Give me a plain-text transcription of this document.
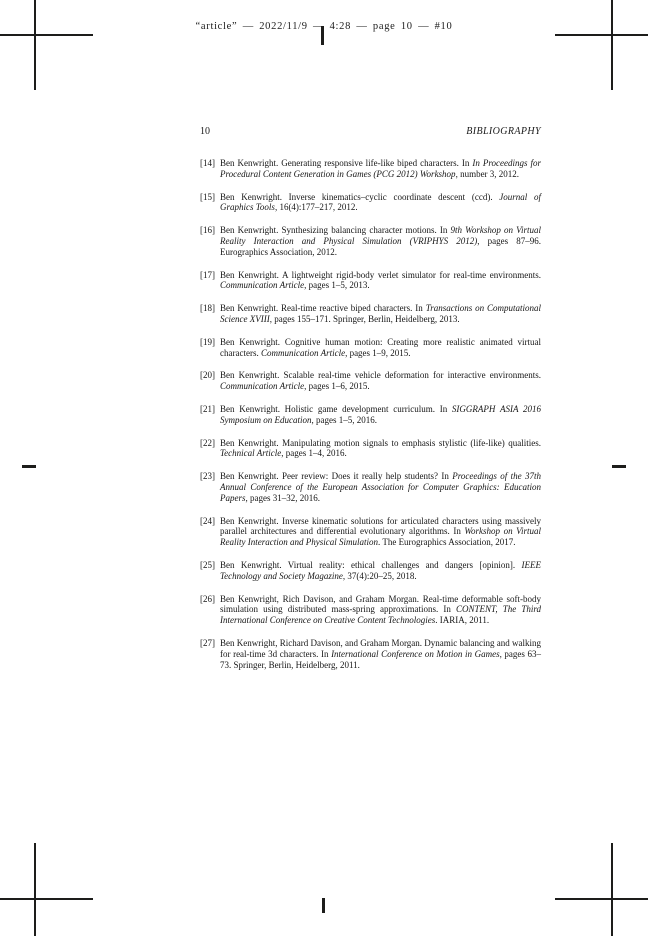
“article” — 2022/11/9 — 4:28 — page 10 — #10
10	BIBLIOGRAPHY
[14] Ben Kenwright. Generating responsive life-like biped characters. In In Proceedings for Procedural Content Generation in Games (PCG 2012) Workshop, number 3, 2012.
[15] Ben Kenwright. Inverse kinematics–cyclic coordinate descent (ccd). Journal of Graphics Tools, 16(4):177–217, 2012.
[16] Ben Kenwright. Synthesizing balancing character motions. In 9th Workshop on Virtual Reality Interaction and Physical Simulation (VRIPHYS 2012), pages 87–96. Eurographics Association, 2012.
[17] Ben Kenwright. A lightweight rigid-body verlet simulator for real-time environments. Communication Article, pages 1–5, 2013.
[18] Ben Kenwright. Real-time reactive biped characters. In Transactions on Computational Science XVIII, pages 155–171. Springer, Berlin, Heidelberg, 2013.
[19] Ben Kenwright. Cognitive human motion: Creating more realistic animated virtual characters. Communication Article, pages 1–9, 2015.
[20] Ben Kenwright. Scalable real-time vehicle deformation for interactive environments. Communication Article, pages 1–6, 2015.
[21] Ben Kenwright. Holistic game development curriculum. In SIGGRAPH ASIA 2016 Symposium on Education, pages 1–5, 2016.
[22] Ben Kenwright. Manipulating motion signals to emphasis stylistic (life-like) qualities. Technical Article, pages 1–4, 2016.
[23] Ben Kenwright. Peer review: Does it really help students? In Proceedings of the 37th Annual Conference of the European Association for Computer Graphics: Education Papers, pages 31–32, 2016.
[24] Ben Kenwright. Inverse kinematic solutions for articulated characters using massively parallel architectures and differential evolutionary algorithms. In Workshop on Virtual Reality Interaction and Physical Simulation. The Eurographics Association, 2017.
[25] Ben Kenwright. Virtual reality: ethical challenges and dangers [opinion]. IEEE Technology and Society Magazine, 37(4):20–25, 2018.
[26] Ben Kenwright, Rich Davison, and Graham Morgan. Real-time deformable soft-body simulation using distributed mass-spring approximations. In CONTENT, The Third International Conference on Creative Content Technologies. IARIA, 2011.
[27] Ben Kenwright, Richard Davison, and Graham Morgan. Dynamic balancing and walking for real-time 3d characters. In International Conference on Motion in Games, pages 63–73. Springer, Berlin, Heidelberg, 2011.
